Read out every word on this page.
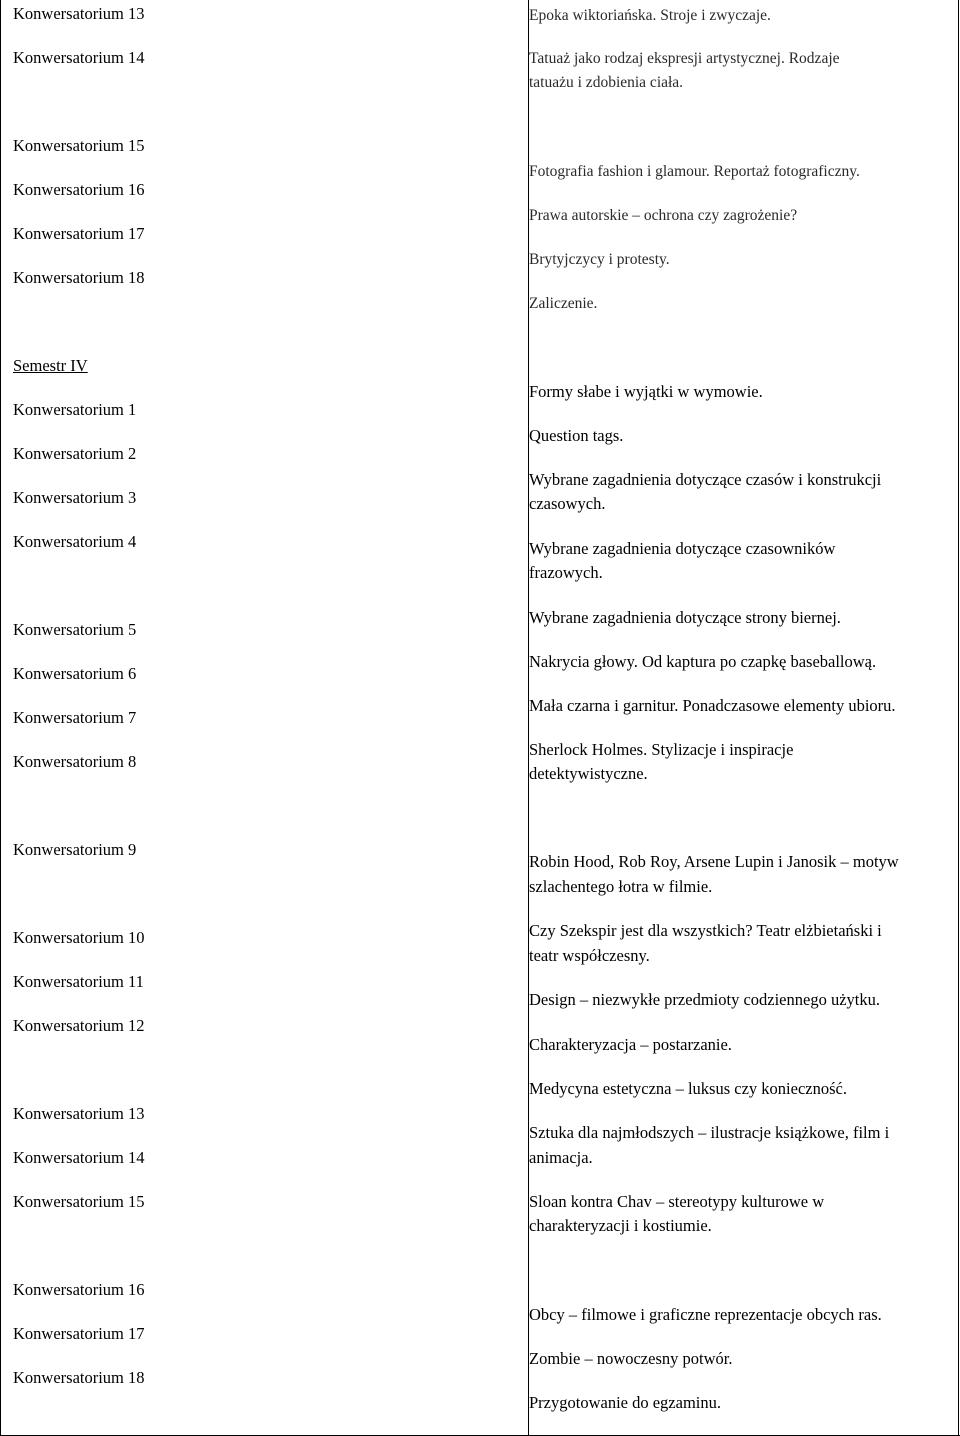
Konwersatorium 13
Konwersatorium 14
Konwersatorium 15
Konwersatorium 16
Konwersatorium 17
Konwersatorium 18
Semestr IV
Konwersatorium 1
Konwersatorium 2
Konwersatorium 3
Konwersatorium 4
Konwersatorium 5
Konwersatorium 6
Konwersatorium 7
Konwersatorium 8
Konwersatorium 9
Konwersatorium 10
Konwersatorium 11
Konwersatorium 12
Konwersatorium 13
Konwersatorium 14
Konwersatorium 15
Konwersatorium 16
Konwersatorium 17
Konwersatorium 18
Epoka wiktoriańska. Stroje i zwyczaje.
Tatuaż jako rodzaj ekspresji artystycznej. Rodzaje
tatuażu i zdobienia ciała.
Fotografia fashion i glamour. Reportaż fotograficzny.
Prawa autorskie – ochrona czy zagrożenie?
Brytyjczycy i protesty.
Zaliczenie.
Formy słabe i wyjątki w wymowie.
Question tags.
Wybrane zagadnienia dotyczące czasów i konstrukcji
czasowych.
Wybrane zagadnienia dotyczące czasowników
frazowych.
Wybrane zagadnienia dotyczące strony biernej.
Nakrycia głowy. Od kaptura po czapkę baseballową.
Mała czarna i garnitur. Ponadczasowe elementy ubioru.
Sherlock Holmes. Stylizacje i inspiracje
detektywistyczne.
Robin Hood, Rob Roy, Arsene Lupin i Janosik – motyw
szlachentego łotra w filmie.
Czy Szekspir jest dla wszystkich? Teatr elżbietański i
teatr współczesny.
Design – niezwykłe przedmioty codziennego użytku.
Charakteryzacja – postarzanie.
Medycyna estetyczna – luksus czy konieczność.
Sztuka dla najmłodszych – ilustracje książkowe, film i
animacja.
Sloan kontra Chav – stereotypy kulturowe w
charakteryzacji i kostiumie.
Obcy – filmowe i graficzne reprezentacje obcych ras.
Zombie – nowoczesny potwór.
Przygotowanie do egzaminu.
